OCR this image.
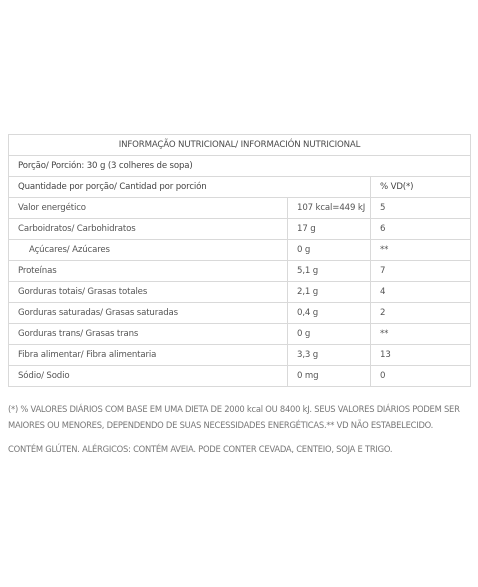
INFORMAÇÃO NUTRICIONAL/ INFORMACIÓN NUTRICIONAL		
Porção/ Porción: 30 g (3 colheres de sopa)		
Quantidade por porção/ Cantidad por porción		% VD(*)
Valor energético	107 kcal=449 kJ	5
Carboidratos/ Carbohidratos	17 g	6
Açúcares/ Azúcares	0 g	**
Proteínas	5,1 g	7
Gorduras totais/ Grasas totales	2,1 g	4
Gorduras saturadas/ Grasas saturadas	0,4 g	2
Gorduras trans/ Grasas trans	0 g	**
Fibra alimentar/ Fibra alimentaria	3,3 g	13
Sódio/ Sodio	0 mg	0

(*) % VALORES DIÁRIOS COM BASE EM UMA DIETA DE 2000 kcal OU 8400 kJ. SEUS VALORES DIÁRIOS PODEM SER MAIORES OU MENORES, DEPENDENDO DE SUAS NECESSIDADES ENERGÉTICAS.** VD NÃO ESTABELECIDO.

CONTÉM GLÚTEN. ALÉRGICOS: CONTÉM AVEIA. PODE CONTER CEVADA, CENTEIO, SOJA E TRIGO.
